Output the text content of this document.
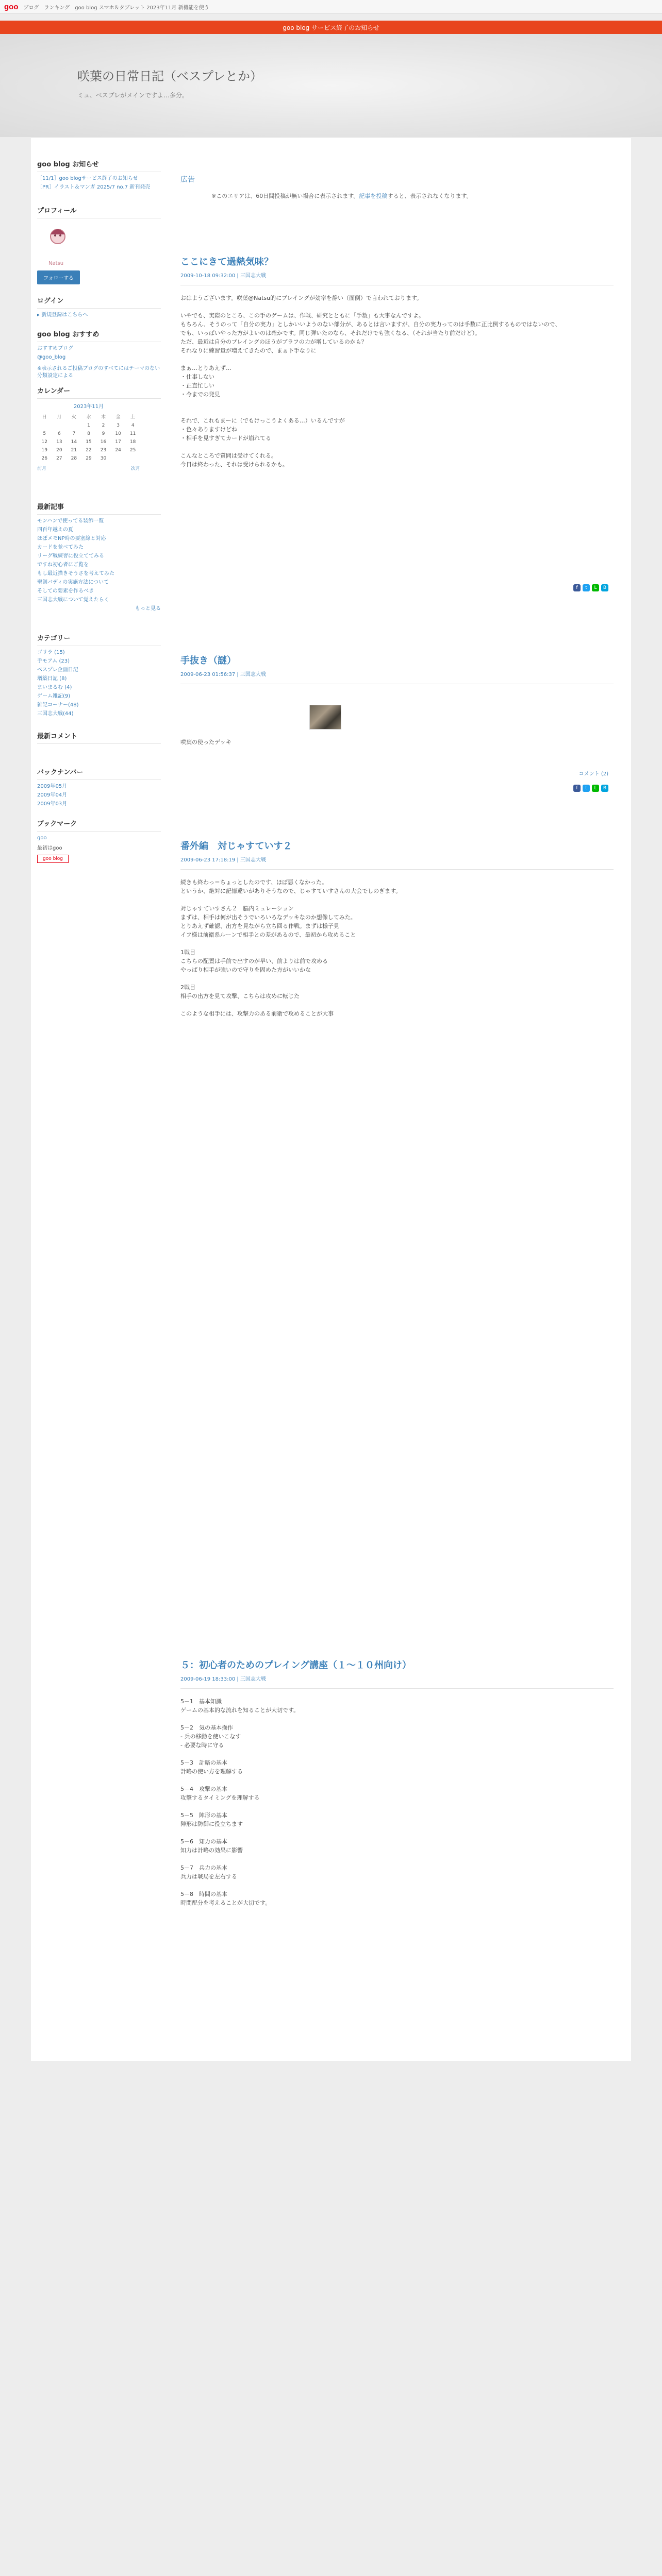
goo ブログ　ランキング　goo blog スマホ＆タブレット 2023年11月 新機能を使う
goo blog サービス終了のお知らせ
咲葉の日常日記（ベスプレとか）
ミュ、ベスプレがメインですよ…多分。
goo blog お知らせ
［11/1］goo blogサービス終了のお知らせ
［PR］イラスト＆マンガ 2025/7 no.7 新刊発売
プロフィール
Natsu
フォローする
ログイン
▸ 新規登録はこちらへ
goo blog おすすめ
おすすめブログ
@goo_blog
※表示されるご投稿ブログのすべてにはテーマのない分類設定による
カレンダー
2023年11月
日	月	火	水	木	金	土
			1	2	3	4
5	6	7	8	9	10	11
12	13	14	15	16	17	18
19	20	21	22	23	24	25
26	27	28	29	30		
前月	次月
最新記事
モンハンで使ってる装飾一覧
四百年越えの夏
ほぼメモNP時の要塞線と対応
カードを並べてみた
リーグ戦練習に役立ててみる
ですね初心者にご覧を
もし最近描きそうさを考えてみた
聖剣バディの実施方法について
そしての要素を作るべき
三国志大戦について覚えたらく
もっと見る
カテゴリー
ゴリラ (15)
手モアム (23)
ベスプレ企画日記
増築日記 (8)
まいまるむ (4)
ゲーム雑記(9)
雑記コーナー(48)
三国志大戦(44)
最新コメント
バックナンバー
2009年05月
2009年04月
2009年03月
ブックマーク
goo
最初はgoo
goo blog
広告
※このエリアは、60日間投稿が無い場合に表示されます。記事を投稿すると、表示されなくなります。
ここにきて過熱気味？
2009-10-18 09:32:00 | 三国志大戦
おはようございます。咲葉@Natsu的にプレイングが効率を静い（面倒）で言われております。

いやでも、実際のところ、この手のゲームは、作戦、研究とともに「手数」も大事なんですよ。
もちろん、そうのって「自分の実力」としかいいようのない部分が、あるとは言いますが、自分の実力ってのは手数に正比例するものではないので、
でも、いっぱいやった方がよいのは確かです。同じ弾いたのなら、それだけでも強くなる、（それが当たり前だけど）。
ただ、最近は自分のプレイングのほうがブラフの力が増しているのかも？
それなりに練習量が増えてきたので、まぁ下手なりに

まぁ…とりあえず…
・仕事しない
・正直忙しい
・今までの発見

それで、これもまーに（でもけっこうよくある…）いるんですが
・色々ありますけどね
・相手を見すぎてカードが崩れてる

こんなところで質問は受けてくれる。
今日は終わった、それは受けられるかも。
f	t	L	B
手抜き（謎）
2009-06-23 01:56:37 | 三国志大戦
咲葉の使ったデッキ
コメント (2)
f	t	L	B
番外編　対じゃすていす２
2009-06-23 17:18:19 | 三国志大戦
続きも終わっ＝ちょっとしたのです、ほぼ悪くなかった。
というか、絶対に記憶違いがありそうなので、じゃすていすさんの大会でしのぎます。

対じゃすていすさん２　脳内ミュレーション
まずは、相手は何が出そうでいろいろなデッキなのか想像してみた。
とりあえず確認、出方を見ながら立ち回る作戦。まずは様子見
イフ様は前衛系ルーンで相手との差があるので、最初から攻めること

1戦目
こちらの配置は手前で出すのが早い、前よりは前で攻める
やっぱり相手が強いので守りを固めた方がいいかな

2戦目
相手の出方を見て攻撃、こちらは攻めに転じた

このような相手には、攻撃力のある前衛で攻めることが大事
５：初心者のためのプレイング講座（１～１０州向け）
2009-06-19 18:33:00 | 三国志大戦
5－1　基本知識
ゲームの基本的な流れを知ることが大切です。

5－2　気の基本操作
- 兵の移動を使いこなす
- 必要な時に守る

5－3　計略の基本
計略の使い方を理解する

5－4　攻撃の基本
攻撃するタイミングを理解する

5－5　陣形の基本
陣形は防御に役立ちます

5－6　知力の基本
知力は計略の効果に影響

5－7　兵力の基本
兵力は戦局を左右する

5－8　時間の基本
時間配分を考えることが大切です。
